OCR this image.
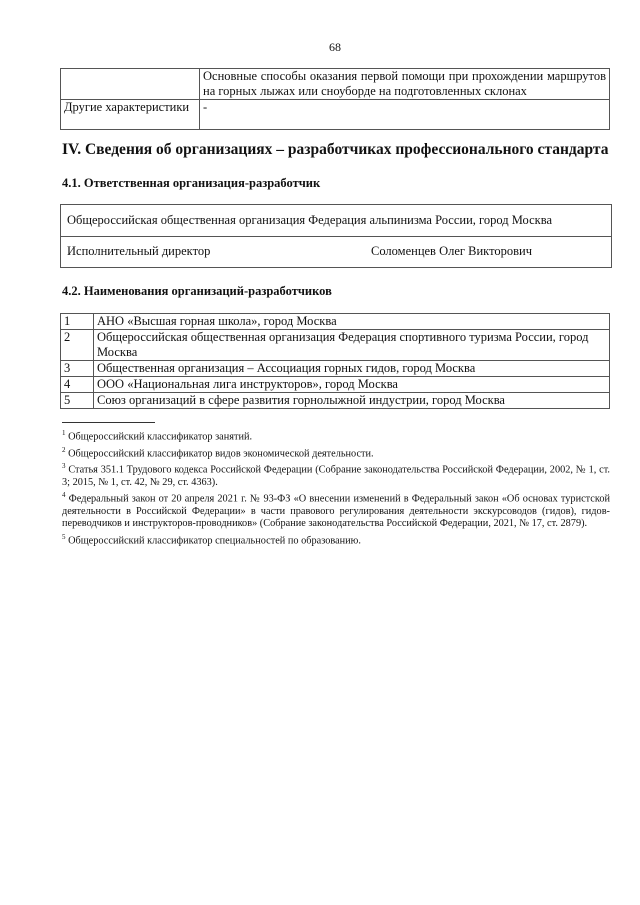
68
	Основные способы оказания первой помощи при прохождении маршрутов на горных лыжах или сноуборде на подготовленных склонах
Другие характеристики	-
IV. Сведения об организациях – разработчиках профессионального стандарта
4.1. Ответственная организация-разработчик
Общероссийская общественная организация Федерация альпинизма России, город Москва
Исполнительный директор	Соломенцев Олег Викторович
4.2. Наименования организаций-разработчиков
1	АНО «Высшая горная школа», город Москва
2	Общероссийская общественная организация Федерация спортивного туризма России, город Москва
3	Общественная организация – Ассоциация горных гидов, город Москва
4	ООО «Национальная лига инструкторов», город Москва
5	Союз организаций в сфере развития горнолыжной индустрии, город Москва

$^1$ Общероссийский классификатор занятий.

$^2$ Общероссийский классификатор видов экономической деятельности.

$^3$ Статья 351.1 Трудового кодекса Российской Федерации (Собрание законодательства Российской Федерации, 2002, № 1, ст. 3; 2015, № 1, ст. 42, № 29, ст. 4363).

$^4$ Федеральный закон от 20 апреля 2021 г. № 93-ФЗ «О внесении изменений в Федеральный закон «Об основах туристской деятельности в Российской Федерации» в части правового регулирования деятельности экскурсоводов (гидов), гидов-переводчиков и инструкторов-проводников» (Собрание законодательства Российской Федерации, 2021, № 17, ст. 2879).

$^5$ Общероссийский классификатор специальностей по образованию.
